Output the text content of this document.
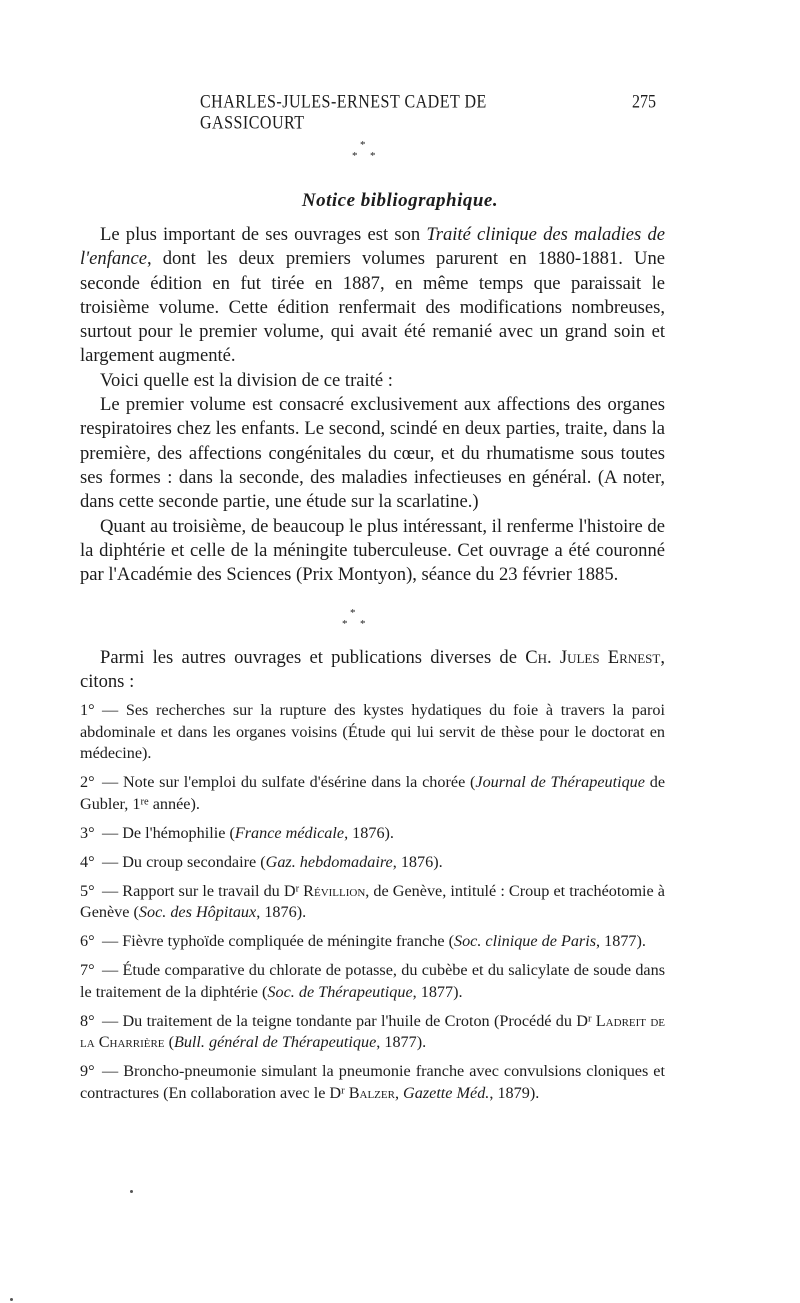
CHARLES-JULES-ERNEST CADET DE GASSICOURT
275
*
* *
Notice bibliographique.

Le plus important de ses ouvrages est son Traité clinique des maladies de l'enfance, dont les deux premiers volumes parurent en 1880-1881. Une seconde édition en fut tirée en 1887, en même temps que paraissait le troisième volume. Cette édition renfermait des modifications nombreuses, surtout pour le premier volume, qui avait été remanié avec un grand soin et largement augmenté.

Voici quelle est la division de ce traité :

Le premier volume est consacré exclusivement aux affections des organes respiratoires chez les enfants. Le second, scindé en deux parties, traite, dans la première, des affections congénitales du cœur, et du rhumatisme sous toutes ses formes : dans la seconde, des maladies infectieuses en général. (A noter, dans cette seconde partie, une étude sur la scarlatine.)

Quant au troisième, de beaucoup le plus intéressant, il renferme l'histoire de la diphtérie et celle de la méningite tuberculeuse. Cet ouvrage a été couronné par l'Académie des Sciences (Prix Montyon), séance du 23 février 1885.

*
* *

Parmi les autres ouvrages et publications diverses de Ch. Jules Ernest, citons :

1° — Ses recherches sur la rupture des kystes hydatiques du foie à travers la paroi abdominale et dans les organes voisins (Étude qui lui servit de thèse pour le doctorat en médecine).
2° — Note sur l'emploi du sulfate d'ésérine dans la chorée (Journal de Thérapeutique de Gubler, 1re année).
3° — De l'hémophilie (France médicale, 1876).
4° — Du croup secondaire (Gaz. hebdomadaire, 1876).
5° — Rapport sur le travail du $D^r$ Révillion, de Genève, intitulé : Croup et trachéotomie à Genève (Soc. des Hôpitaux, 1876).
6° — Fièvre typhoïde compliquée de méningite franche (Soc. clinique de Paris, 1877).
7° — Étude comparative du chlorate de potasse, du cubèbe et du salicylate de soude dans le traitement de la diphtérie (Soc. de Thérapeutique, 1877).
8° — Du traitement de la teigne tondante par l'huile de Croton (Procédé du $D^r$ Ladreit de la Charrière (Bull. général de Thérapeutique, 1877).
9° — Broncho-pneumonie simulant la pneumonie franche avec convulsions cloniques et contractures (En collaboration avec le $D^r$ Balzer, Gazette Méd., 1879).
